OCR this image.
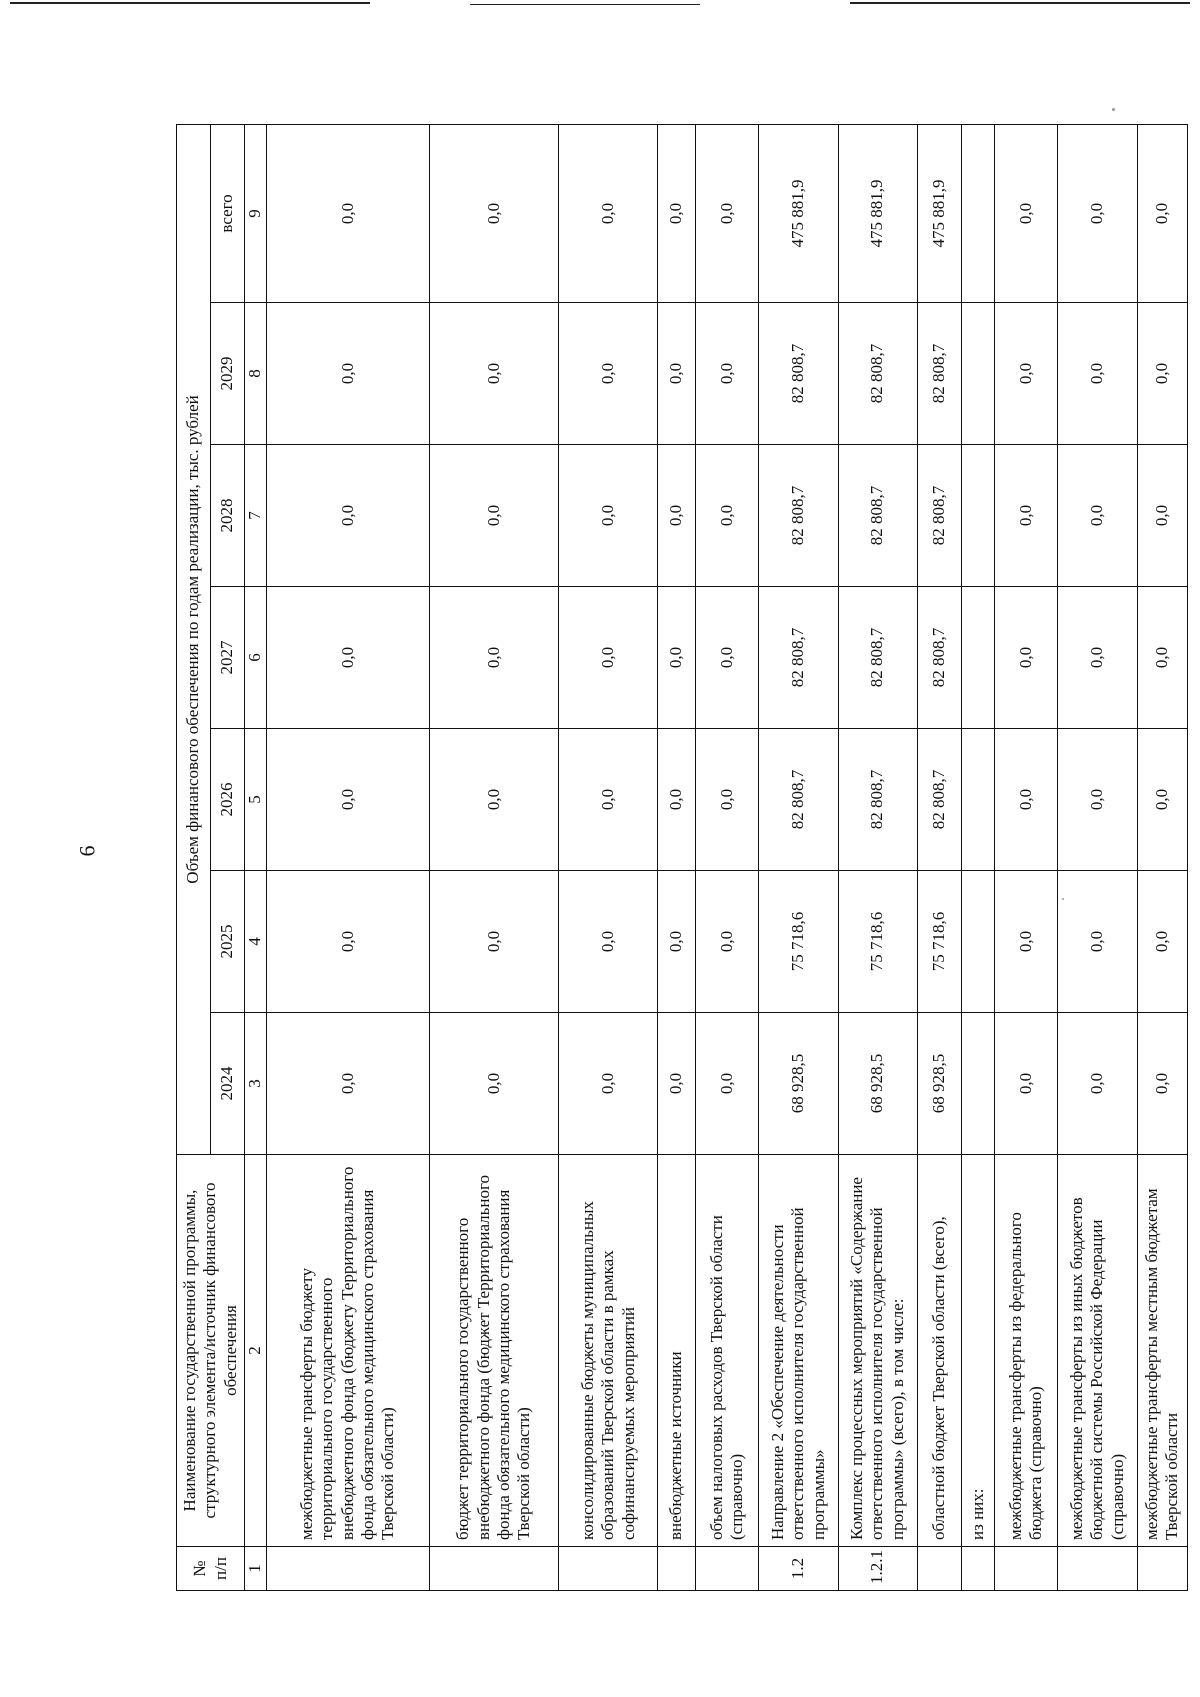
6
№ п/п	Наименование государственной программы, структурного элемента/источник финансового обеспечения	Объем финансового обеспечения по годам реализации, тыс. рублей						
		2024	2025	2026	2027	2028	2029	всего
1	2	3	4	5	6	7	8	9
	межбюджетные трансферты бюджету территориального государственного внебюджетного фонда (бюджету Территориального фонда обязательного медицинского страхования Тверской области)	0,0	0,0	0,0	0,0	0,0	0,0	0,0
	бюджет территориального государственного внебюджетного фонда (бюджет Территориального фонда обязательного медицинского страхования Тверской области)	0,0	0,0	0,0	0,0	0,0	0,0	0,0
	консолидированные бюджеты муниципальных образований Тверской области в рамках софинансируемых мероприятий	0,0	0,0	0,0	0,0	0,0	0,0	0,0
	внебюджетные источники	0,0	0,0	0,0	0,0	0,0	0,0	0,0
	объем налоговых расходов Тверской области (справочно)	0,0	0,0	0,0	0,0	0,0	0,0	0,0
1.2	Направление 2 «Обеспечение деятельности ответственного исполнителя государственной программы»	68 928,5	75 718,6	82 808,7	82 808,7	82 808,7	82 808,7	475 881,9
1.2.1	Комплекс процессных мероприятий «Содержание ответственного исполнителя государственной программы» (всего), в том числе:	68 928,5	75 718,6	82 808,7	82 808,7	82 808,7	82 808,7	475 881,9
	областной бюджет Тверской области (всего),	68 928,5	75 718,6	82 808,7	82 808,7	82 808,7	82 808,7	475 881,9
	из них:							
	межбюджетные трансферты из федерального бюджета (справочно)	0,0	0,0	0,0	0,0	0,0	0,0	0,0
	межбюджетные трансферты из иных бюджетов бюджетной системы Российской Федерации (справочно)	0,0	0,0	0,0	0,0	0,0	0,0	0,0
	межбюджетные трансферты местным бюджетам Тверской области	0,0	0,0	0,0	0,0	0,0	0,0	0,0
